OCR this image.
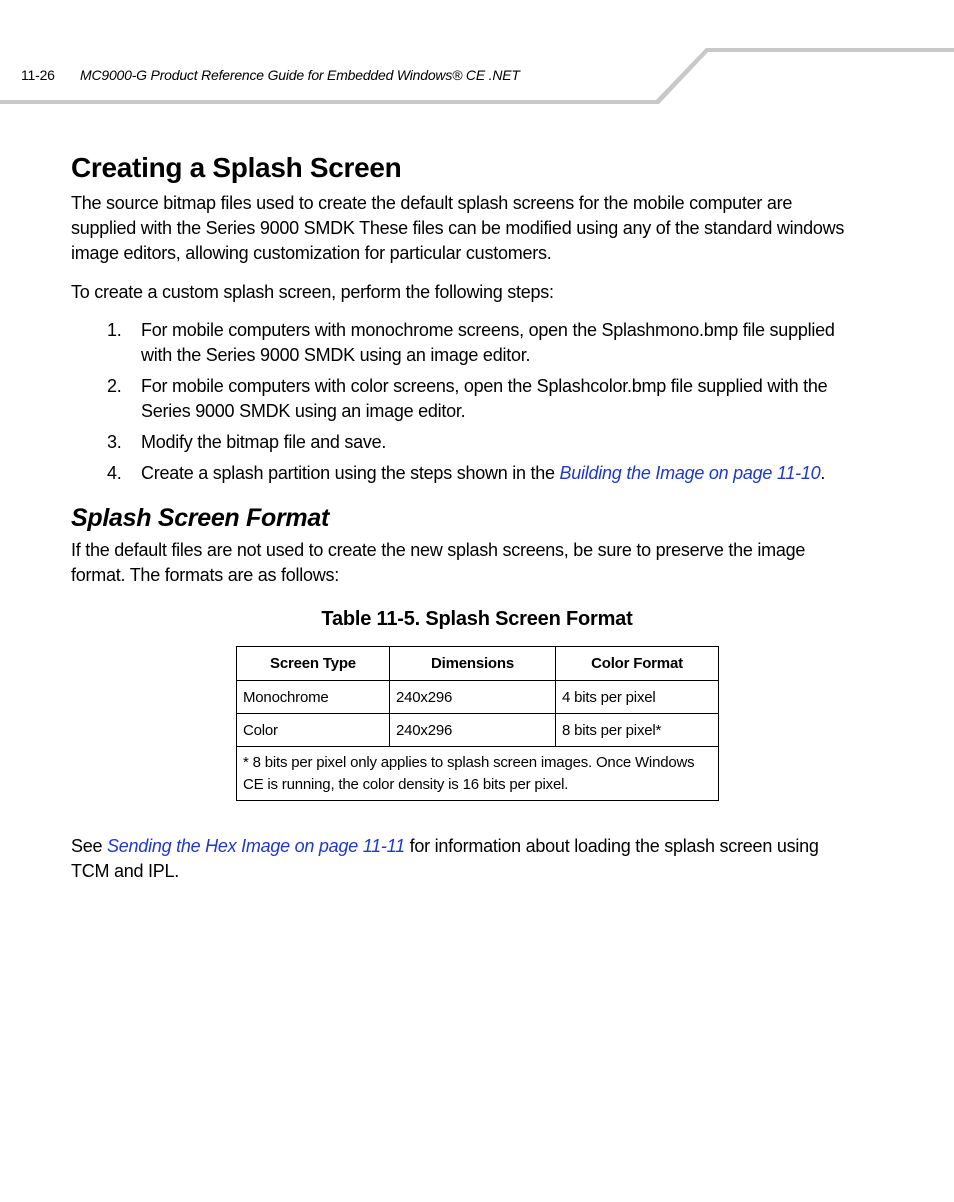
11-26 MC9000-G Product Reference Guide for Embedded Windows® CE .NET
Creating a Splash Screen

The source bitmap files used to create the default splash screens for the mobile computer are supplied with the Series 9000 SMDK These files can be modified using any of the standard windows image editors, allowing customization for particular customers.

To create a custom splash screen, perform the following steps:

1.	For mobile computers with monochrome screens, open the Splashmono.bmp file supplied with the Series 9000 SMDK using an image editor.
2.	For mobile computers with color screens, open the Splashcolor.bmp file supplied with the Series 9000 SMDK using an image editor.
3.	Modify the bitmap file and save.
4.	Create a splash partition using the steps shown in the Building the Image on page 11-10.
Splash Screen Format

If the default files are not used to create the new splash screens, be sure to preserve the image format. The formats are as follows:

Table 11-5. Splash Screen Format
Screen Type	Dimensions	Color Format
Monochrome	240x296	4 bits per pixel
Color	240x296	8 bits per pixel*
* 8 bits per pixel only applies to splash screen images. Once Windows CE is running, the color density is 16 bits per pixel.		

See Sending the Hex Image on page 11-11 for information about loading the splash screen using TCM and IPL.
